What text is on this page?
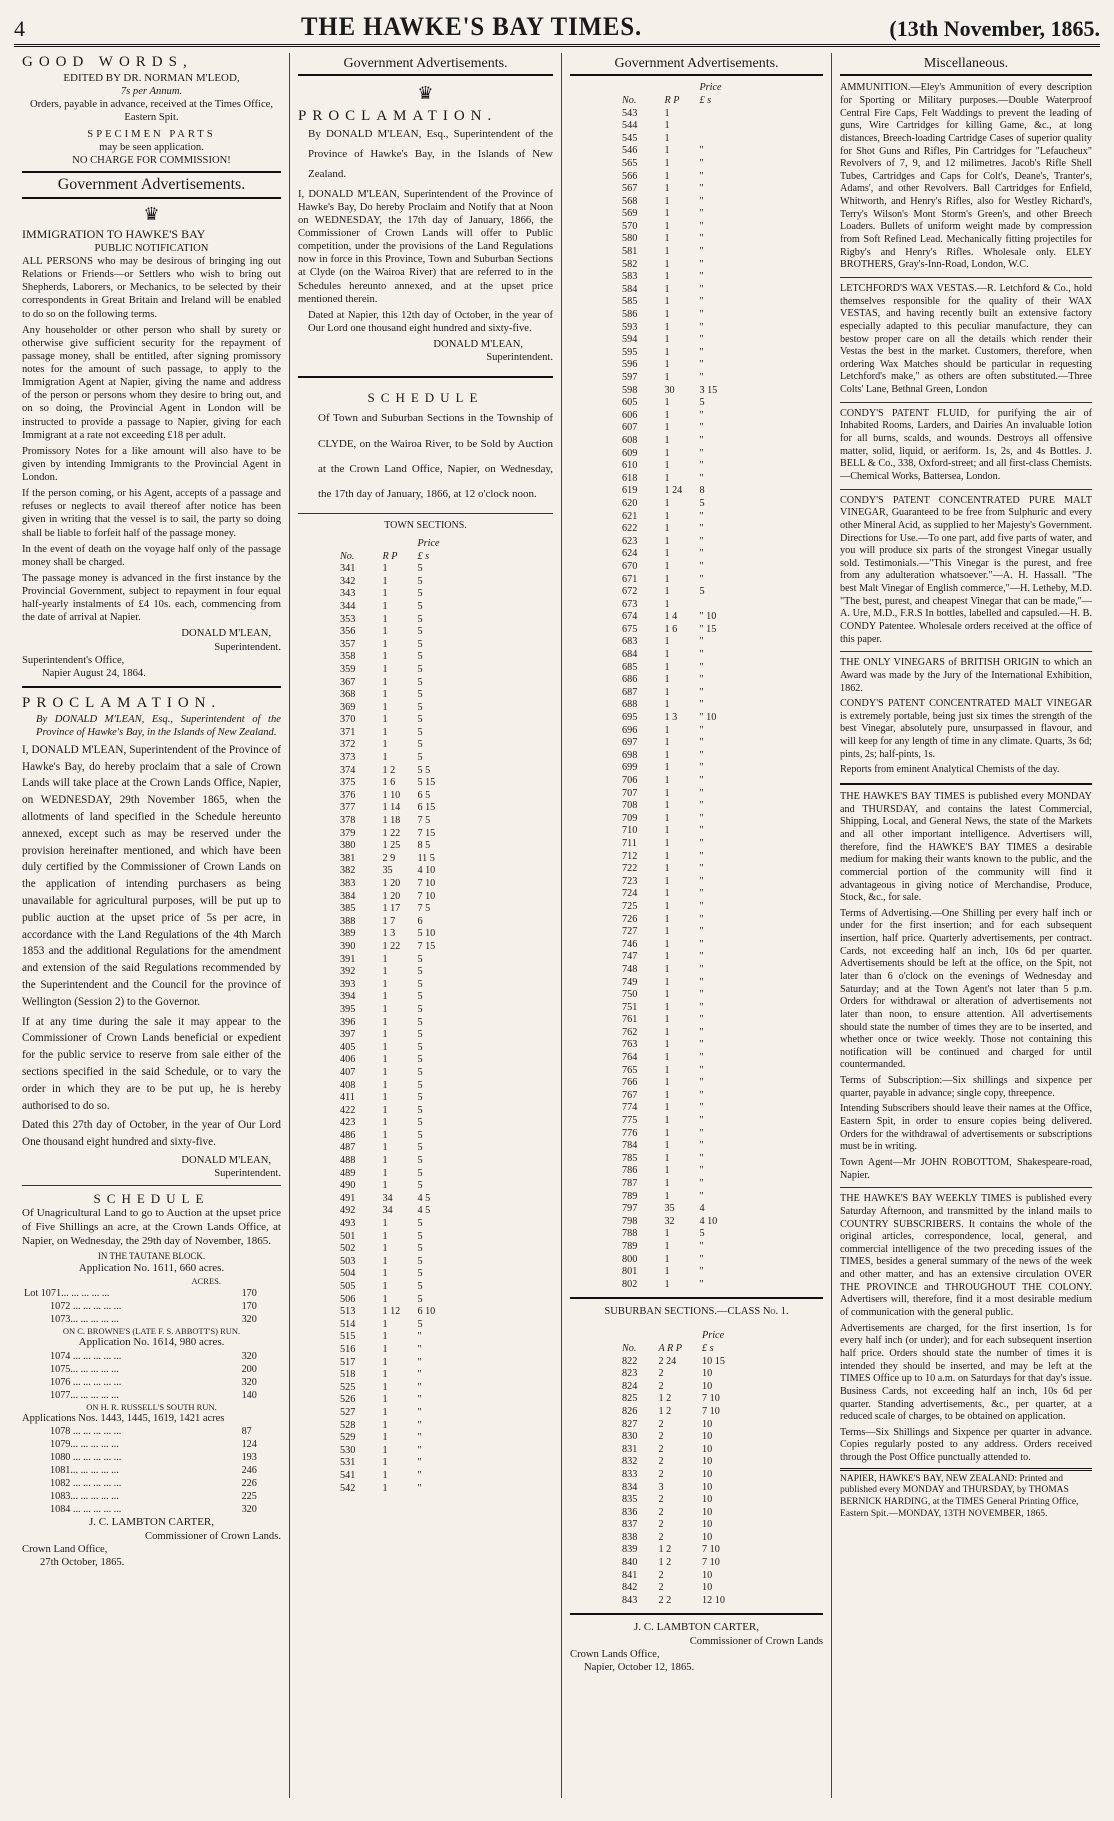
4	THE HAWKE'S BAY TIMES.	(13th November, 1865.
GOOD WORDS,
EDITED BY DR. NORMAN M'LEOD,
7s per Annum.

Orders, payable in advance, received at the Times Office, Eastern Spit.

SPECIMEN PARTS
may be seen application.
NO CHARGE FOR COMMISSION!
Government Advertisements.
♛
IMMIGRATION TO HAWKE'S BAY
PUBLIC NOTIFICATION

ALL PERSONS who may be desirous of bringing ing out Relations or Friends—or Settlers who wish to bring out Shepherds, Laborers, or Mechanics, to be selected by their correspondents in Great Britain and Ireland will be enabled to do so on the following terms.

Any householder or other person who shall by surety or otherwise give sufficient security for the repayment of passage money, shall be entitled, after signing promissory notes for the amount of such passage, to apply to the Immigration Agent at Napier, giving the name and address of the person or persons whom they desire to bring out, and on so doing, the Provincial Agent in London will be instructed to provide a passage to Napier, giving for each Immigrant at a rate not exceeding £18 per adult.

Promissory Notes for a like amount will also have to be given by intending Immigrants to the Provincial Agent in London.

If the person coming, or his Agent, accepts of a passage and refuses or neglects to avail thereof after notice has been given in writing that the vessel is to sail, the party so doing shall be liable to forfeit half of the passage money.

In the event of death on the voyage half only of the passage money shall be charged.

The passage money is advanced in the first instance by the Provincial Government, subject to repayment in four equal half-yearly instalments of £4 10s. each, commencing from the date of arrival at Napier.

DONALD M'LEAN,
Superintendent.
Superintendent's Office,
Napier August 24, 1864.
PROCLAMATION.

By DONALD M'LEAN, Esq., Superintendent of the Province of Hawke's Bay, in the Islands of New Zealand.

I, DONALD M'LEAN, Superintendent of the Province of Hawke's Bay, do hereby proclaim that a sale of Crown Lands will take place at the Crown Lands Office, Napier, on WEDNESDAY, 29th November 1865, when the allotments of land specified in the Schedule hereunto annexed, except such as may be reserved under the provision hereinafter mentioned, and which have been duly certified by the Commissioner of Crown Lands on the application of intending purchasers as being unavailable for agricultural purposes, will be put up to public auction at the upset price of 5s per acre, in accordance with the Land Regulations of the 4th March 1853 and the additional Regulations for the amendment and extension of the said Regulations recommended by the Superintendent and the Council for the province of Wellington (Session 2) to the Governor.

If at any time during the sale it may appear to the Commissioner of Crown Lands beneficial or expedient for the public service to reserve from sale either of the sections specified in the said Schedule, or to vary the order in which they are to be put up, he is hereby authorised to do so.

Dated this 27th day of October, in the year of Our Lord One thousand eight hundred and sixty-five.

DONALD M'LEAN,
Superintendent.
SCHEDULE

Of Unagricultural Land to go to Auction at the upset price of Five Shillings an acre, at the Crown Lands Office, at Napier, on Wednesday, the 29th day of November, 1865.

IN THE TAUTANE BLOCK.
Application No. 1611, 660 acres.
ACRES.
Lot 1071... ... ... ... ...	170
1072 ... ... ... ... ...	170
1073... ... ... ... ...	320
ON C. BROWNE'S (LATE F. S. ABBOTT'S) RUN.
Application No. 1614, 980 acres.
1074 ... ... ... ... ...	320
1075... ... ... ... ...	200
1076 ... ... ... ... ...	320
1077... ... ... ... ...	140
ON H. R. RUSSELL'S SOUTH RUN.
Applications Nos. 1443, 1445, 1619, 1421 acres
1078 ... ... ... ... ...	87
1079... ... ... ... ...	124
1080 ... ... ... ... ...	193
1081... ... ... ... ...	246
1082 ... ... ... ... ...	226
1083... ... ... ... ...	225
1084 ... ... ... ... ...	320
J. C. LAMBTON CARTER,
Commissioner of Crown Lands.
Crown Land Office,
27th October, 1865.
Government Advertisements.
♛
PROCLAMATION.

By DONALD M'LEAN, Esq., Superintendent of the Province of Hawke's Bay, in the Islands of New Zealand.

I, DONALD M'LEAN, Superintendent of the Province of Hawke's Bay, Do hereby Proclaim and Notify that at Noon on WEDNESDAY, the 17th day of January, 1866, the Commissioner of Crown Lands will offer to Public competition, under the provisions of the Land Regulations now in force in this Province, Town and Suburban Sections at Clyde (on the Wairoa River) that are referred to in the Schedules hereunto annexed, and at the upset price mentioned therein.

Dated at Napier, this 12th day of October, in the year of Our Lord one thousand eight hundred and sixty-five.

DONALD M'LEAN,
Superintendent.
SCHEDULE

Of Town and Suburban Sections in the Township of CLYDE, on the Wairoa River, to be Sold by Auction at the Crown Land Office, Napier, on Wednesday, the 17th day of January, 1866, at 12 o'clock noon.

TOWN SECTIONS.
		Price
No.	R P	£ s
341	1	5
342	1	5
343	1	5
344	1	5
353	1	5
356	1	5
357	1	5
358	1	5
359	1	5
367	1	5
368	1	5
369	1	5
370	1	5
371	1	5
372	1	5
373	1	5
374	1 2	5 5
375	1 6	5 15
376	1 10	6 5
377	1 14	6 15
378	1 18	7 5
379	1 22	7 15
380	1 25	8 5
381	2 9	11 5
382	35	4 10
383	1 20	7 10
384	1 20	7 10
385	1 17	7 5
388	1 7	6
389	1 3	5 10
390	1 22	7 15
391	1	5
392	1	5
393	1	5
394	1	5
395	1	5
396	1	5
397	1	5
405	1	5
406	1	5
407	1	5
408	1	5
411	1	5
422	1	5
423	1	5
486	1	5
487	1	5
488	1	5
489	1	5
490	1	5
491	34	4 5
492	34	4 5
493	1	5
501	1	5
502	1	5
503	1	5
504	1	5
505	1	5
506	1	5
513	1 12	6 10
514	1	5
515	1	"
516	1	"
517	1	"
518	1	"
525	1	"
526	1	"
527	1	"
528	1	"
529	1	"
530	1	"
531	1	"
541	1	"
542	1	"
Government Advertisements.
		Price
No.	R P	£ s
543	1	
544	1	
545	1	
546	1	"
565	1	"
566	1	"
567	1	"
568	1	"
569	1	"
570	1	"
580	1	"
581	1	"
582	1	"
583	1	"
584	1	"
585	1	"
586	1	"
593	1	"
594	1	"
595	1	"
596	1	"
597	1	"
598	30	3 15
605	1	5
606	1	"
607	1	"
608	1	"
609	1	"
610	1	"
618	1	"
619	1 24	8
620	1	5
621	1	"
622	1	"
623	1	"
624	1	"
670	1	"
671	1	"
672	1	5
673	1	
674	1 4	" 10
675	1 6	" 15
683	1	"
684	1	"
685	1	"
686	1	"
687	1	"
688	1	"
695	1 3	" 10
696	1	"
697	1	"
698	1	"
699	1	"
706	1	"
707	1	"
708	1	"
709	1	"
710	1	"
711	1	"
712	1	"
722	1	"
723	1	"
724	1	"
725	1	"
726	1	"
727	1	"
746	1	"
747	1	"
748	1	"
749	1	"
750	1	"
751	1	"
761	1	"
762	1	"
763	1	"
764	1	"
765	1	"
766	1	"
767	1	"
774	1	"
775	1	"
776	1	"
784	1	"
785	1	"
786	1	"
787	1	"
789	1	"
797	35	4
798	32	4 10
788	1	5
789	1	"
800	1	"
801	1	"
802	1	"
SUBURBAN SECTIONS.—CLASS No. 1.
		Price
No.	A R P	£ s
822	2 24	10 15
823	2	10
824	2	10
825	1 2	7 10
826	1 2	7 10
827	2	10
830	2	10
831	2	10
832	2	10
833	2	10
834	3	10
835	2	10
836	2	10
837	2	10
838	2	10
839	1 2	7 10
840	1 2	7 10
841	2	10
842	2	10
843	2 2	12 10
J. C. LAMBTON CARTER,
Commissioner of Crown Lands
Crown Lands Office,
Napier, October 12, 1865.
Miscellaneous.

AMMUNITION.—Eley's Ammunition of every description for Sporting or Military purposes.—Double Waterproof Central Fire Caps, Felt Waddings to prevent the leading of guns, Wire Cartridges for killing Game, &c., at long distances, Breech-loading Cartridge Cases of superior quality for Shot Guns and Rifles, Pin Cartridges for "Lefaucheux" Revolvers of 7, 9, and 12 milimetres. Jacob's Rifle Shell Tubes, Cartridges and Caps for Colt's, Deane's, Tranter's, Adams', and other Revolvers. Ball Cartridges for Enfield, Whitworth, and Henry's Rifles, also for Westley Richard's, Terry's Wilson's Mont Storm's Green's, and other Breech Loaders. Bullets of uniform weight made by compression from Soft Refined Lead. Mechanically fitting projectiles for Rigby's and Henry's Rifles. Wholesale only. ELEY BROTHERS, Gray's-Inn-Road, London, W.C.

LETCHFORD'S WAX VESTAS.—R. Letchford & Co., hold themselves responsible for the quality of their WAX VESTAS, and having recently built an extensive factory especially adapted to this peculiar manufacture, they can bestow proper care on all the details which render their Vestas the best in the market. Customers, therefore, when ordering Wax Matches should be particular in requesting Letchford's make," as others are often substituted.—Three Colts' Lane, Bethnal Green, London

CONDY'S PATENT FLUID, for purifying the air of Inhabited Rooms, Larders, and Dairies An invaluable lotion for all burns, scalds, and wounds. Destroys all offensive matter, solid, liquid, or aeriform. 1s, 2s, and 4s Bottles. J. BELL & Co., 338, Oxford-street; and all first-class Chemists.—Chemical Works, Battersea, London.

CONDY'S PATENT CONCENTRATED PURE MALT VINEGAR, Guaranteed to be free from Sulphuric and every other Mineral Acid, as supplied to her Majesty's Government. Directions for Use.—To one part, add five parts of water, and you will produce six parts of the strongest Vinegar usually sold. Testimonials.—"This Vinegar is the purest, and free from any adulteration whatsoever."—A. H. Hassall. "The best Malt Vinegar of English commerce,"—H. Letheby, M.D. "The best, purest, and cheapest Vinegar that can be made,"—A. Ure, M.D., F.R.S In bottles, labelled and capsuled.—H. B. CONDY Patentee. Wholesale orders received at the office of this paper.

THE ONLY VINEGARS of BRITISH ORIGIN to which an Award was made by the Jury of the International Exhibition, 1862.

CONDY'S PATENT CONCENTRATED MALT VINEGAR is extremely portable, being just six times the strength of the best Vinegar, absolutely pure, unsurpassed in flavour, and will keep for any length of time in any climate. Quarts, 3s 6d; pints, 2s; half-pints, 1s.

Reports from eminent Analytical Chemists of the day.

THE HAWKE'S BAY TIMES is published every MONDAY and THURSDAY, and contains the latest Commercial, Shipping, Local, and General News, the state of the Markets and all other important intelligence. Advertisers will, therefore, find the HAWKE'S BAY TIMES a desirable medium for making their wants known to the public, and the commercial portion of the community will find it advantageous in giving notice of Merchandise, Produce, Stock, &c., for sale.

Terms of Advertising.—One Shilling per every half inch or under for the first insertion; and for each subsequent insertion, half price. Quarterly advertisements, per contract. Cards, not exceeding half an inch, 10s 6d per quarter. Advertisements should be left at the office, on the Spit, not later than 6 o'clock on the evenings of Wednesday and Saturday; and at the Town Agent's not later than 5 p.m. Orders for withdrawal or alteration of advertisements not later than noon, to ensure attention. All advertisements should state the number of times they are to be inserted, and whether once or twice weekly. Those not containing this notification will be continued and charged for until countermanded.

Terms of Subscription:—Six shillings and sixpence per quarter, payable in advance; single copy, threepence.

Intending Subscribers should leave their names at the Office, Eastern Spit, in order to ensure copies being delivered. Orders for the withdrawal of advertisements or subscriptions must be in writing.

Town Agent—Mr JOHN ROBOTTOM, Shakespeare-road, Napier.

THE HAWKE'S BAY WEEKLY TIMES is published every Saturday Afternoon, and transmitted by the inland mails to COUNTRY SUBSCRIBERS. It contains the whole of the original articles, correspondence, local, general, and commercial intelligence of the two preceding issues of the TIMES, besides a general summary of the news of the week and other matter, and has an extensive circulation OVER THE PROVINCE and THROUGHOUT THE COLONY. Advertisers will, therefore, find it a most desirable medium of communication with the general public.

Advertisements are charged, for the first insertion, 1s for every half inch (or under); and for each subsequent insertion half price. Orders should state the number of times it is intended they should be inserted, and may be left at the TIMES Office up to 10 a.m. on Saturdays for that day's issue. Business Cards, not exceeding half an inch, 10s 6d per quarter. Standing advertisements, &c., per quarter, at a reduced scale of charges, to be obtained on application.

Terms—Six Shillings and Sixpence per quarter in advance. Copies regularly posted to any address. Orders received through the Post Office punctually attended to.

NAPIER, HAWKE'S BAY, NEW ZEALAND: Printed and published every MONDAY and THURSDAY, by THOMAS BERNICK HARDING, at the TIMES General Printing Office, Eastern Spit.—MONDAY, 13TH NOVEMBER, 1865.
